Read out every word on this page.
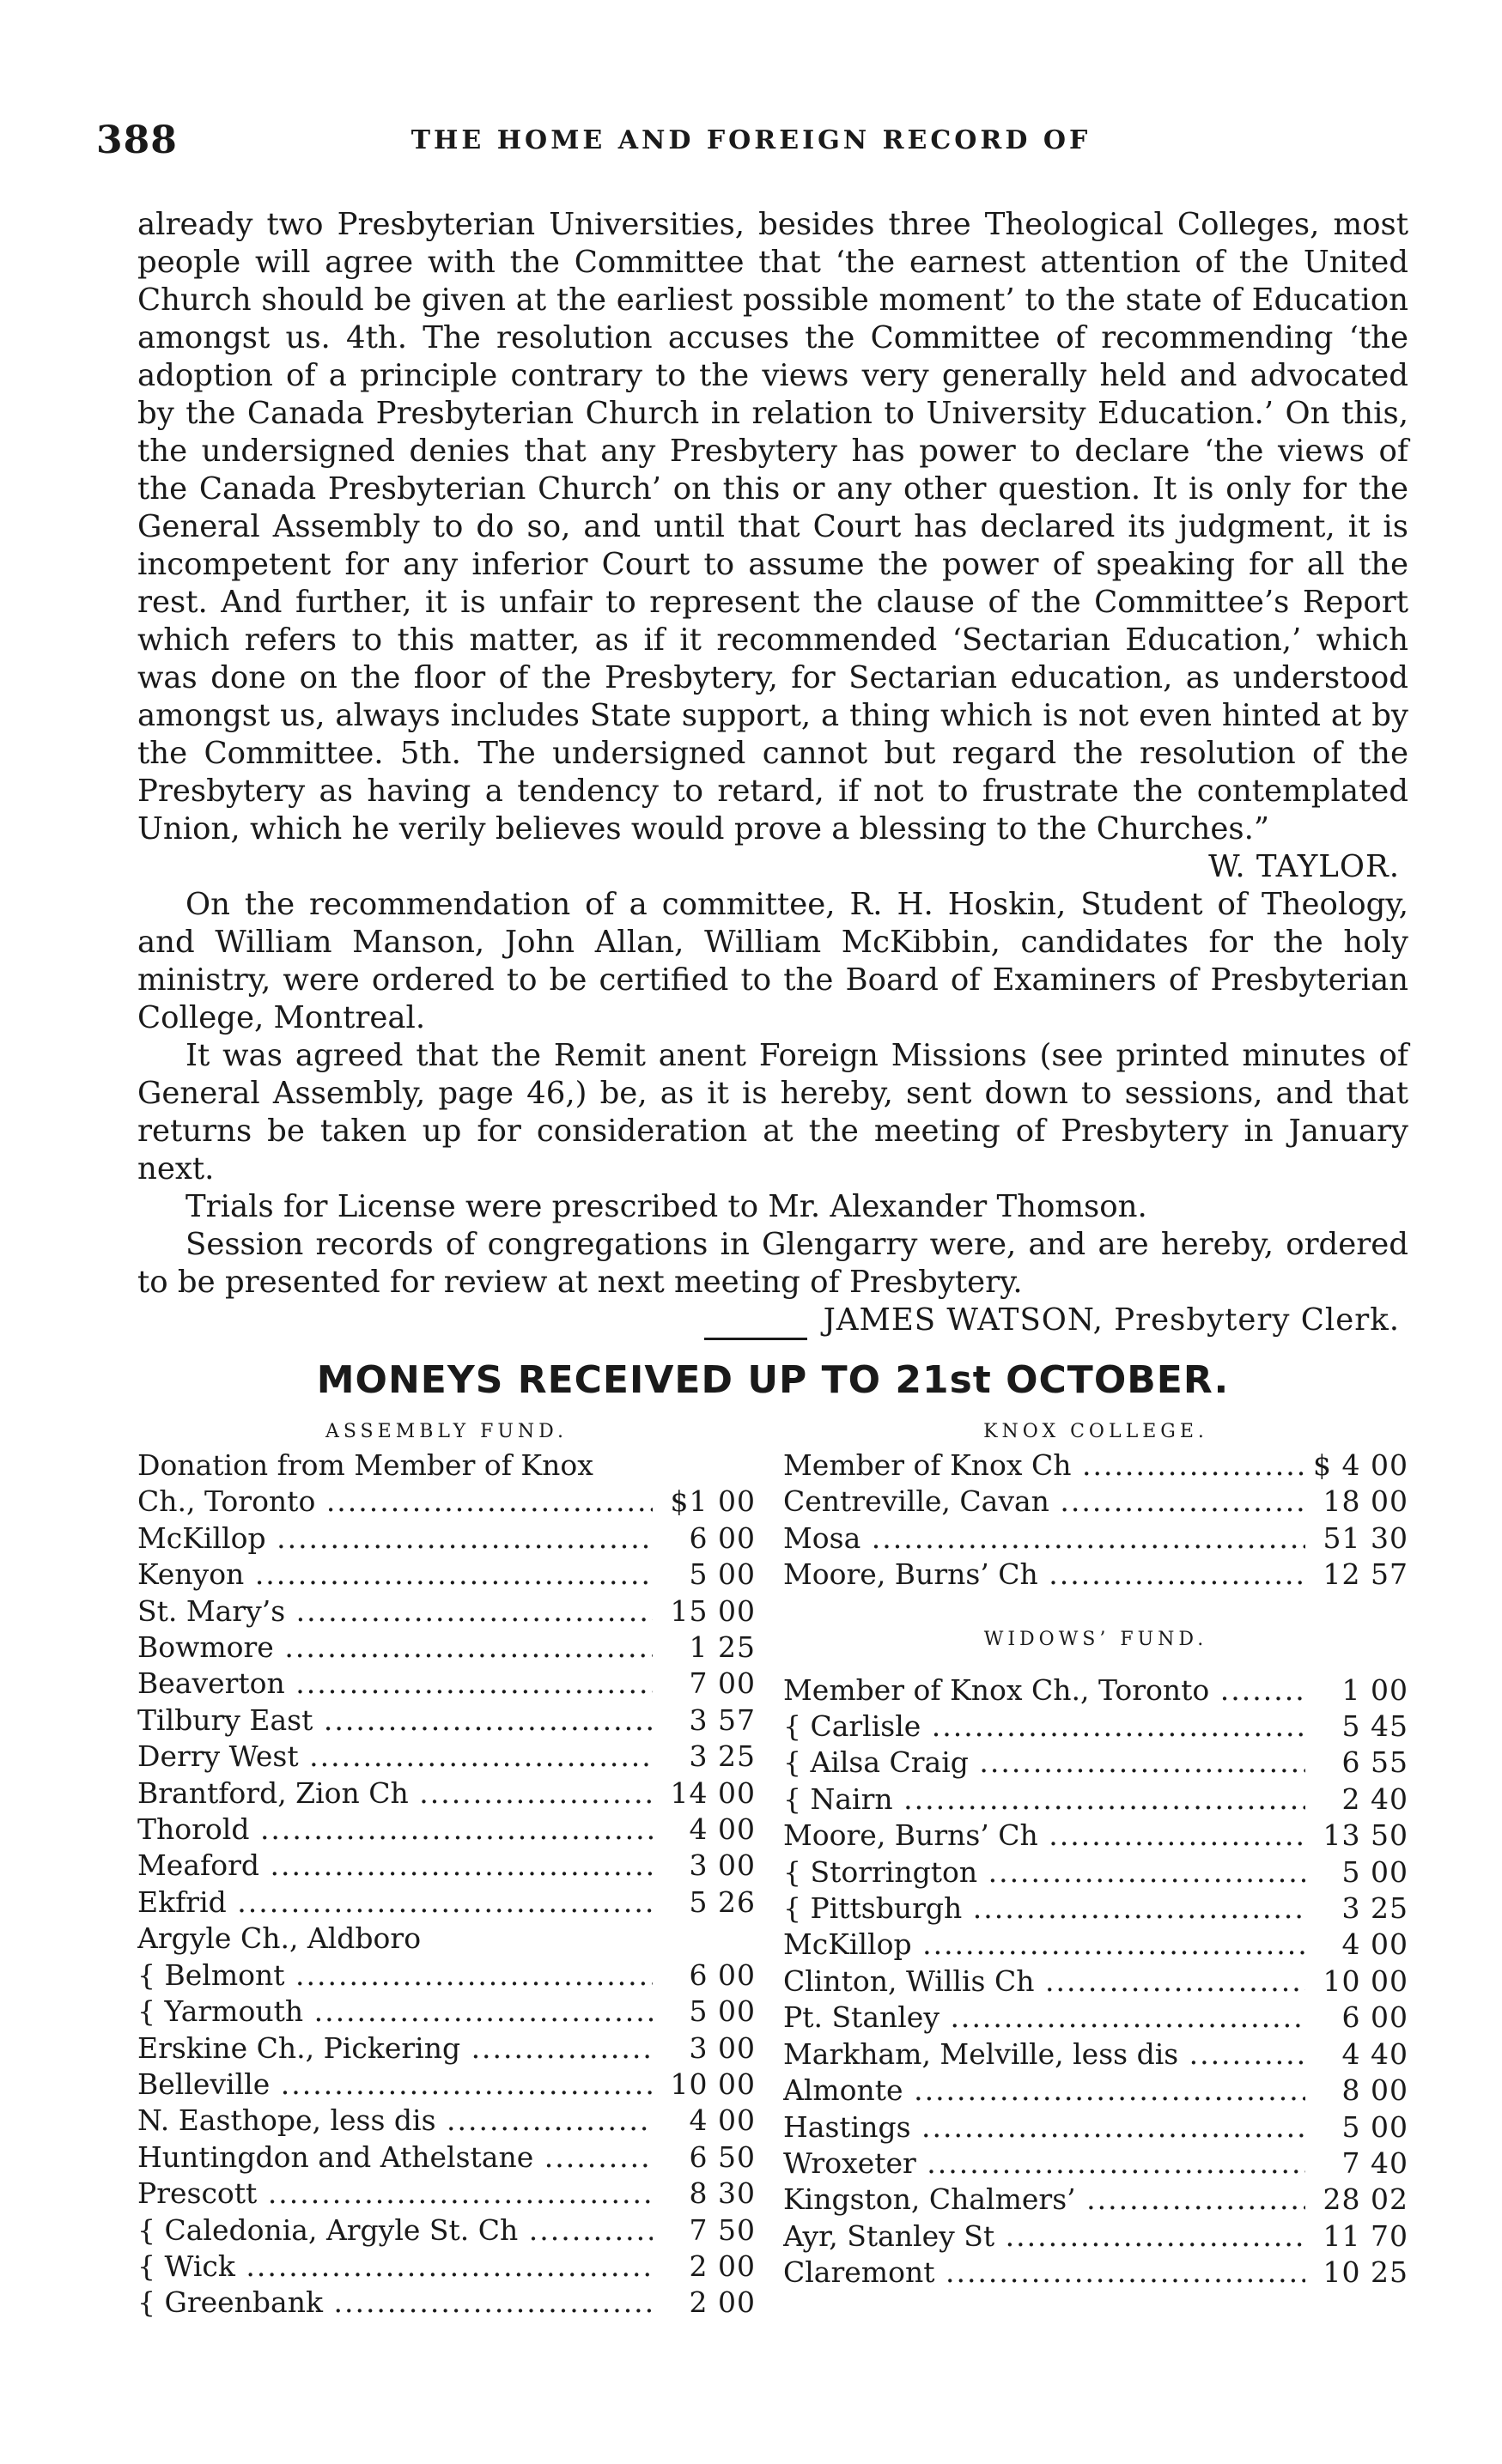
388	THE HOME AND FOREIGN RECORD OF

already two Presbyterian Universities, besides three Theological Colleges, most people will agree with the Committee that ‘the earnest attention of the United Church should be given at the earliest possible moment’ to the state of Education amongst us. 4th. The resolution accuses the Committee of recommending ‘the adoption of a principle contrary to the views very generally held and advocated by the Canada Presbyterian Church in relation to University Education.’ On this, the undersigned denies that any Presbytery has power to declare ‘the views of the Canada Presbyterian Church’ on this or any other question. It is only for the General Assembly to do so, and until that Court has declared its judgment, it is incompetent for any inferior Court to assume the power of speaking for all the rest. And further, it is unfair to represent the clause of the Committee’s Report which refers to this matter, as if it recommended ‘Sectarian Education,’ which was done on the floor of the Presbytery, for Sectarian education, as understood amongst us, always includes State support, a thing which is not even hinted at by the Committee. 5th. The undersigned cannot but regard the resolution of the Presbytery as having a tendency to retard, if not to frustrate the contemplated Union, which he verily believes would prove a blessing to the Churches.”

W. TAYLOR.

On the recommendation of a committee, R. H. Hoskin, Student of Theology, and William Manson, John Allan, William McKibbin, candidates for the holy ministry, were ordered to be certified to the Board of Examiners of Presbyterian College, Montreal.

It was agreed that the Remit anent Foreign Missions (see printed minutes of General Assembly, page 46,) be, as it is hereby, sent down to sessions, and that returns be taken up for consideration at the meeting of Presbytery in January next.

Trials for License were prescribed to Mr. Alexander Thomson.

Session records of congregations in Glengarry were, and are hereby, ordered to be presented for review at next meeting of Presbytery.

JAMES WATSON, Presbytery Clerk.

MONEYS RECEIVED UP TO 21st OCTOBER.
ASSEMBLY FUND.
Donation from Member of Knox
Ch., Toronto .....	$1 00
McKillop .....	6 00
Kenyon .....	5 00
St. Mary’s .....	15 00
Bowmore .....	1 25
Beaverton .....	7 00
Tilbury East .....	3 57
Derry West .....	3 25
Brantford, Zion Ch .....	14 00
Thorold .....	4 00
Meaford .....	3 00
Ekfrid .....	5 26
Argyle Ch., Aldboro
{ Belmont .....	6 00
{ Yarmouth .....	5 00
Erskine Ch., Pickering .....	3 00
Belleville .....	10 00
N. Easthope, less dis .....	4 00
Huntingdon and Athelstane .....	6 50
Prescott .....	8 30
{ Caledonia, Argyle St. Ch .....	7 50
{ Wick .....	2 00
{ Greenbank .....	2 00
KNOX COLLEGE.
Member of Knox Ch .....	$ 4 00
Centreville, Cavan .....	18 00
Mosa .....	51 30
Moore, Burns’ Ch .....	12 57
WIDOWS’ FUND.
Member of Knox Ch., Toronto .....	1 00
{ Carlisle .....	5 45
{ Ailsa Craig .....	6 55
{ Nairn .....	2 40
Moore, Burns’ Ch .....	13 50
{ Storrington .....	5 00
{ Pittsburgh .....	3 25
McKillop .....	4 00
Clinton, Willis Ch .....	10 00
Pt. Stanley .....	6 00
Markham, Melville, less dis .....	4 40
Almonte .....	8 00
Hastings .....	5 00
Wroxeter .....	7 40
Kingston, Chalmers’ .....	28 02
Ayr, Stanley St .....	11 70
Claremont .....	10 25
